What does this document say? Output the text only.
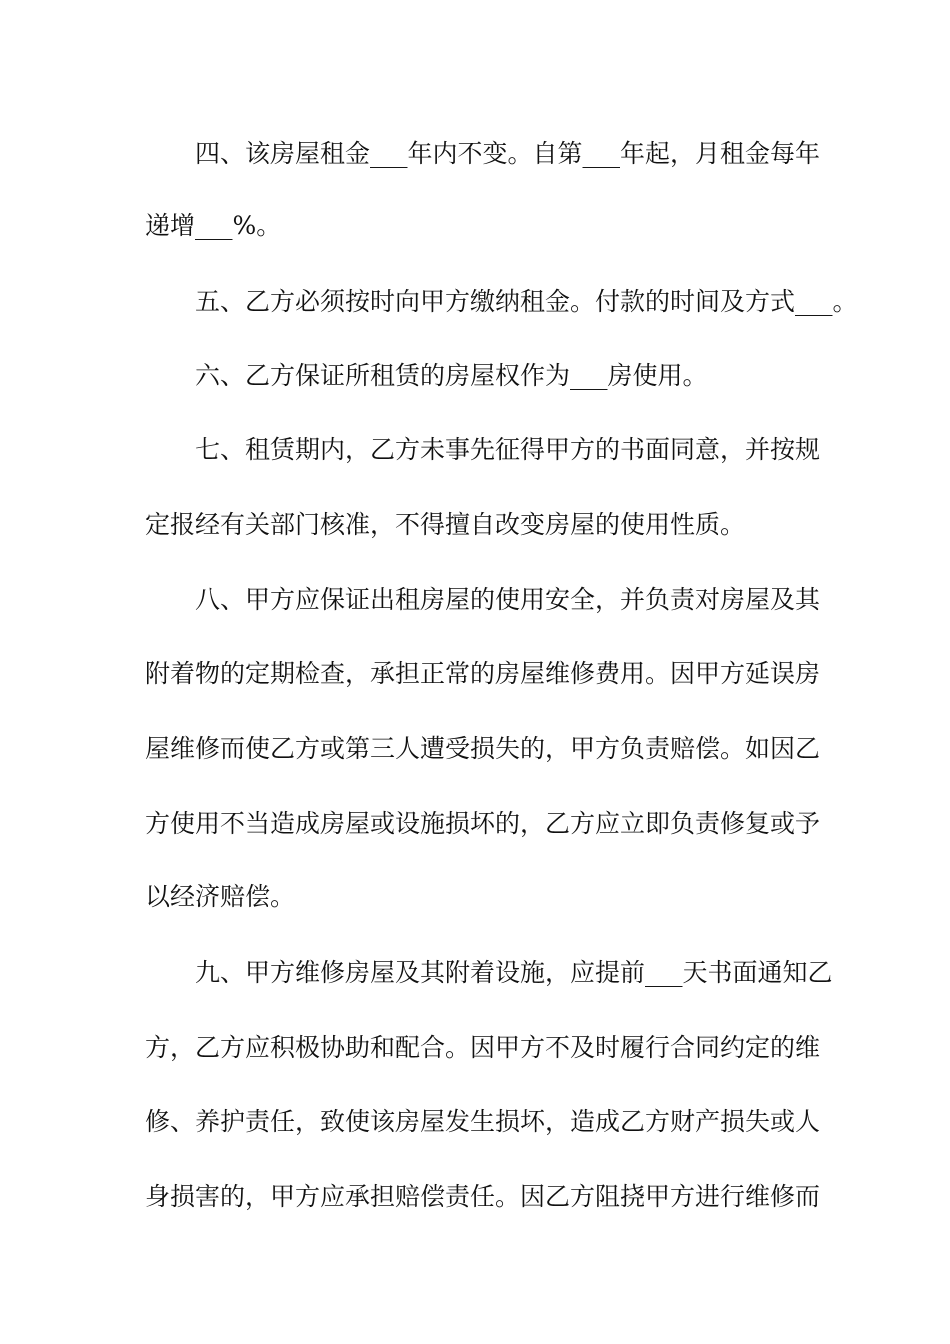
四、该房屋租金___年内不变。自第___年起，月租金每年
递增___%。
五、乙方必须按时向甲方缴纳租金。付款的时间及方式___。
六、乙方保证所租赁的房屋权作为___房使用。
七、租赁期内，乙方未事先征得甲方的书面同意，并按规
定报经有关部门核准，不得擅自改变房屋的使用性质。
八、甲方应保证出租房屋的使用安全，并负责对房屋及其
附着物的定期检查，承担正常的房屋维修费用。因甲方延误房
屋维修而使乙方或第三人遭受损失的，甲方负责赔偿。如因乙
方使用不当造成房屋或设施损坏的，乙方应立即负责修复或予
以经济赔偿。
九、甲方维修房屋及其附着设施，应提前___天书面通知乙
方，乙方应积极协助和配合。因甲方不及时履行合同约定的维
修、养护责任，致使该房屋发生损坏，造成乙方财产损失或人
身损害的，甲方应承担赔偿责任。因乙方阻挠甲方进行维修而
